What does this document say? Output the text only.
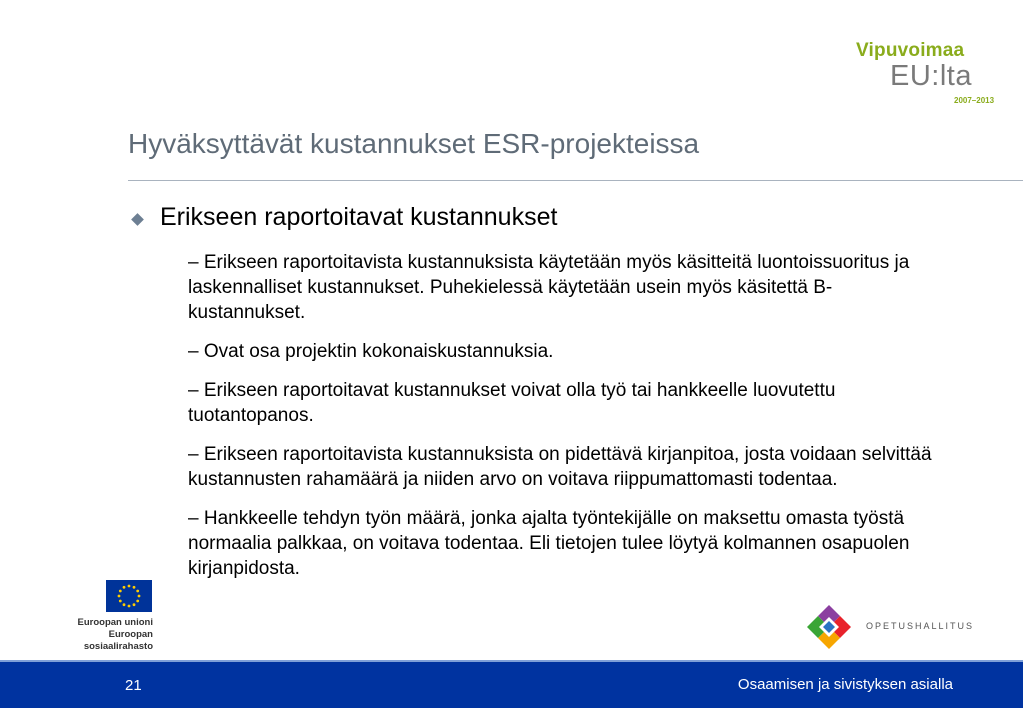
Vipuvoimaa
EU:lta
2007–2013
Hyväksyttävät kustannukset ESR-projekteissa
Erikseen raportoitavat kustannukset
– Erikseen raportoitavista kustannuksista käytetään myös käsitteitä luontoissuoritus ja laskennalliset kustannukset. Puhekielessä käytetään usein myös käsitettä B-kustannukset.
– Ovat osa projektin kokonaiskustannuksia.
– Erikseen raportoitavat kustannukset voivat olla työ tai hankkeelle luovutettu tuotantopanos.
– Erikseen raportoitavista kustannuksista on pidettävä kirjanpitoa, josta voidaan selvittää kustannusten rahamäärä ja niiden arvo on voitava riippumattomasti todentaa.
– Hankkeelle tehdyn työn määrä, jonka ajalta työntekijälle on maksettu omasta työstä normaalia palkkaa, on voitava todentaa. Eli tietojen tulee löytyä kolmannen osapuolen kirjanpidosta.
Euroopan unioni
Euroopan sosiaalirahasto
OPETUSHALLITUS
21	Osaamisen ja sivistyksen asialla
